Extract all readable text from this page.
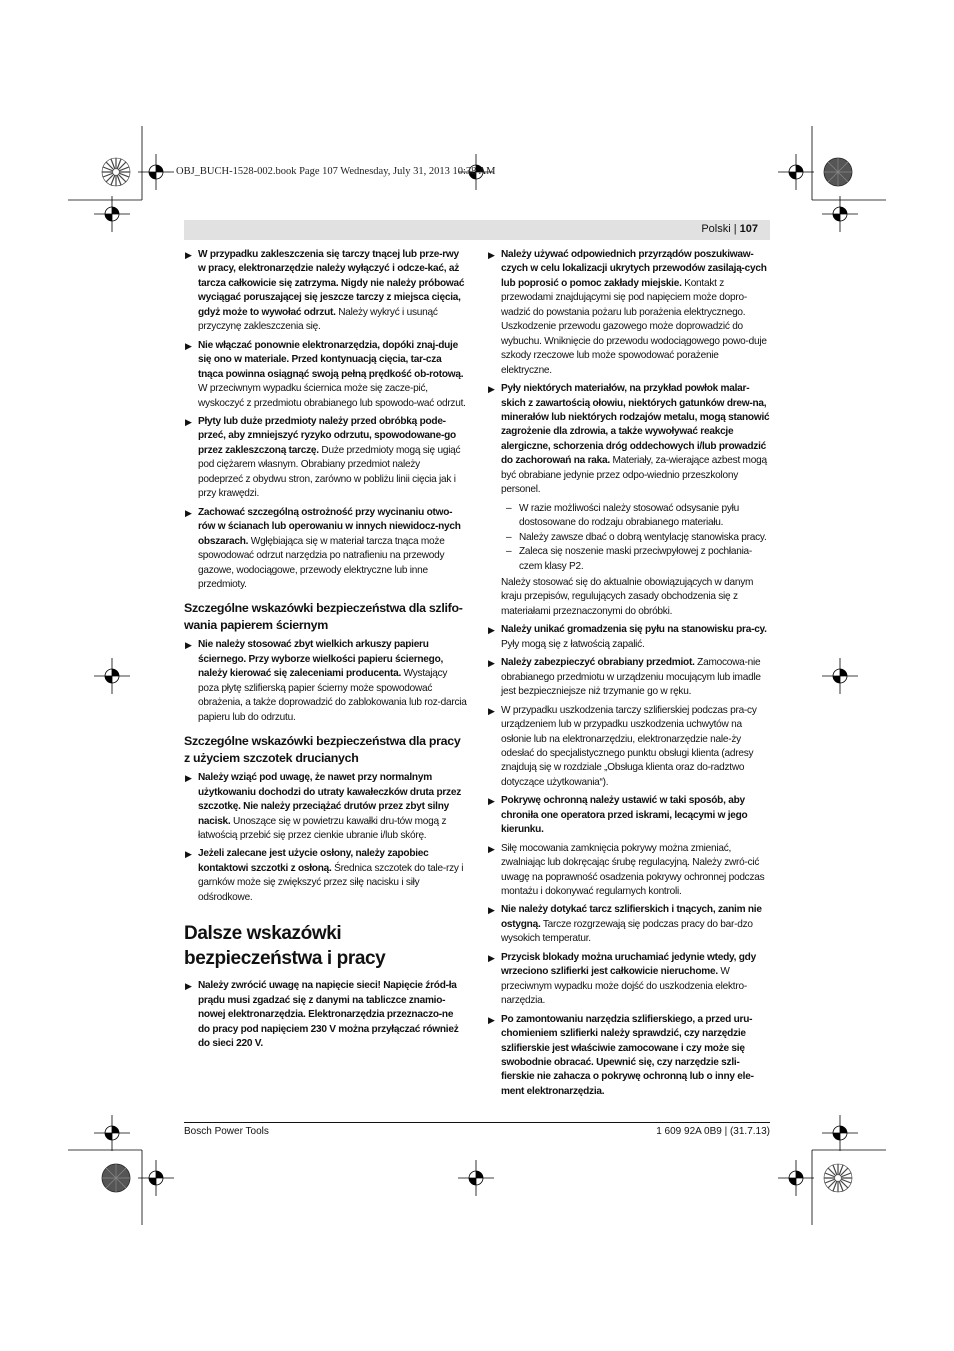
OBJ_BUCH-1528-002.book Page 107 Wednesday, July 31, 2013 10:38 AM
Polski | 107
▶ W przypadku zakleszczenia się tarczy tnącej lub prze-rwy w pracy, elektronarzędzie należy wyłączyć i odcze-kać, aż tarcza całkowicie się zatrzyma. Nigdy nie należy próbować wyciągać poruszającej się jeszcze tarczy z miejsca cięcia, gdyż może to wywołać odrzut. Należy wykryć i usunąć przyczynę zakleszczenia się.

▶ Nie włączać ponownie elektronarzędzia, dopóki znaj-duje się ono w materiale. Przed kontynuacją cięcia, tar-cza tnąca powinna osiągnąć swoją pełną prędkość ob-rotową. W przeciwnym wypadku ściernica może się zacze-pić, wyskoczyć z przedmiotu obrabianego lub spowodo-wać odrzut.

▶ Płyty lub duże przedmioty należy przed obróbką pode-przeć, aby zmniejszyć ryzyko odrzutu, spowodowane-go przez zakleszczoną tarczę. Duże przedmioty mogą się ugiąć pod ciężarem własnym. Obrabiany przedmiot należy podeprzeć z obydwu stron, zarówno w pobliżu linii cięcia jak i przy krawędzi.

▶ Zachować szczególną ostrożność przy wycinaniu otwo-rów w ścianach lub operowaniu w innych niewidocz-nych obszarach. Wgłębiająca się w materiał tarcza tnąca może spowodować odrzut narzędzia po natrafieniu na przewody gazowe, wodociągowe, przewody elektryczne lub inne przedmioty.

Szczególne wskazówki bezpieczeństwa dla szlifo-wania papierem ściernym
▶ Nie należy stosować zbyt wielkich arkuszy papieru ściernego. Przy wyborze wielkości papieru ściernego, należy kierować się zaleceniami producenta. Wystający poza płytę szlifierską papier ścierny może spowodować obrażenia, a także doprowadzić do zablokowania lub roz-darcia papieru lub do odrzutu.

Szczególne wskazówki bezpieczeństwa dla pracy z użyciem szczotek drucianych
▶ Należy wziąć pod uwagę, że nawet przy normalnym użytkowaniu dochodzi do utraty kawałeczków druta przez szczotkę. Nie należy przeciążać drutów przez zbyt silny nacisk. Unoszące się w powietrzu kawałki dru-tów mogą z łatwością przebić się przez cienkie ubranie i/lub skórę.

▶ Jeżeli zalecane jest użycie osłony, należy zapobiec kontaktowi szczotki z osłoną. Średnica szczotek do tale-rzy i garnków może się zwiększyć przez siłę nacisku i siły odśrodkowe.

Dalsze wskazówki bezpieczeństwa i pracy
▶ Należy zwrócić uwagę na napięcie sieci! Napięcie źród-ła prądu musi zgadzać się z danymi na tabliczce znamio-nowej elektronarzędzia. Elektronarzędzia przeznaczo-ne do pracy pod napięciem 230 V można przyłączać również do sieci 220 V.

▶ Należy używać odpowiednich przyrządów poszukiwaw-czych w celu lokalizacji ukrytych przewodów zasilają-cych lub poprosić o pomoc zakłady miejskie. Kontakt z przewodami znajdującymi się pod napięciem może dopro-wadzić do powstania pożaru lub porażenia elektrycznego. Uszkodzenie przewodu gazowego może doprowadzić do wybuchu. Wniknięcie do przewodu wodociągowego powo-duje szkody rzeczowe lub może spowodować porażenie elektryczne.

▶ Pyły niektórych materiałów, na przykład powłok malar-skich z zawartością ołowiu, niektórych gatunków drew-na, minerałów lub niektórych rodzajów metalu, mogą stanowić zagrożenie dla zdrowia, a także wywoływać reakcje alergiczne, schorzenia dróg oddechowych i/lub prowadzić do zachorowań na raka. Materiały, za-wierające azbest mogą być obrabiane jedynie przez odpo-wiednio przeszkolony personel.

– W razie możliwości należy stosować odsysanie pyłu dostosowane do rodzaju obrabianego materiału.
– Należy zawsze dbać o dobrą wentylację stanowiska pracy.
– Zaleca się noszenie maski przeciwpyłowej z pochłania-czem klasy P2.
Należy stosować się do aktualnie obowiązujących w danym kraju przepisów, regulujących zasady obchodzenia się z materiałami przeznaczonymi do obróbki.
▶ Należy unikać gromadzenia się pyłu na stanowisku pra-cy. Pyły mogą się z łatwością zapalić.

▶ Należy zabezpieczyć obrabiany przedmiot. Zamocowa-nie obrabianego przedmiotu w urządzeniu mocującym lub imadle jest bezpieczniejsze niż trzymanie go w ręku.

▶ W przypadku uszkodzenia tarczy szlifierskiej podczas pra-cy urządzeniem lub w przypadku uszkodzenia uchwytów na osłonie lub na elektronarzędziu, elektronarzędzie nale-ży odesłać do specjalistycznego punktu obsługi klienta (adresy znajdują się w rozdziale „Obsługa klienta oraz do-radztwo dotyczące użytkowania“).

▶ Pokrywę ochronną należy ustawić w taki sposób, aby chroniła one operatora przed iskrami, lecącymi w jego kierunku.

▶ Siłę mocowania zamknięcia pokrywy można zmieniać, zwalniając lub dokręcając śrubę regulacyjną. Należy zwró-cić uwagę na poprawność osadzenia pokrywy ochronnej podczas montażu i dokonywać regularnych kontroli.

▶ Nie należy dotykać tarcz szlifierskich i tnących, zanim nie ostygną. Tarcze rozgrzewają się podczas pracy do bar-dzo wysokich temperatur.

▶ Przycisk blokady można uruchamiać jedynie wtedy, gdy wrzeciono szlifierki jest całkowicie nieruchome. W przeciwnym wypadku może dojść do uszkodzenia elektro-narzędzia.

▶ Po zamontowaniu narzędzia szlifierskiego, a przed uru-chomieniem szlifierki należy sprawdzić, czy narzędzie szlifierskie jest właściwie zamocowane i czy może się swobodnie obracać. Upewnić się, czy narzędzie szli-fierskie nie zahacza o pokrywę ochronną lub o inny ele-ment elektronarzędzia.

Bosch Power Tools	1 609 92A 0B9 | (31.7.13)
